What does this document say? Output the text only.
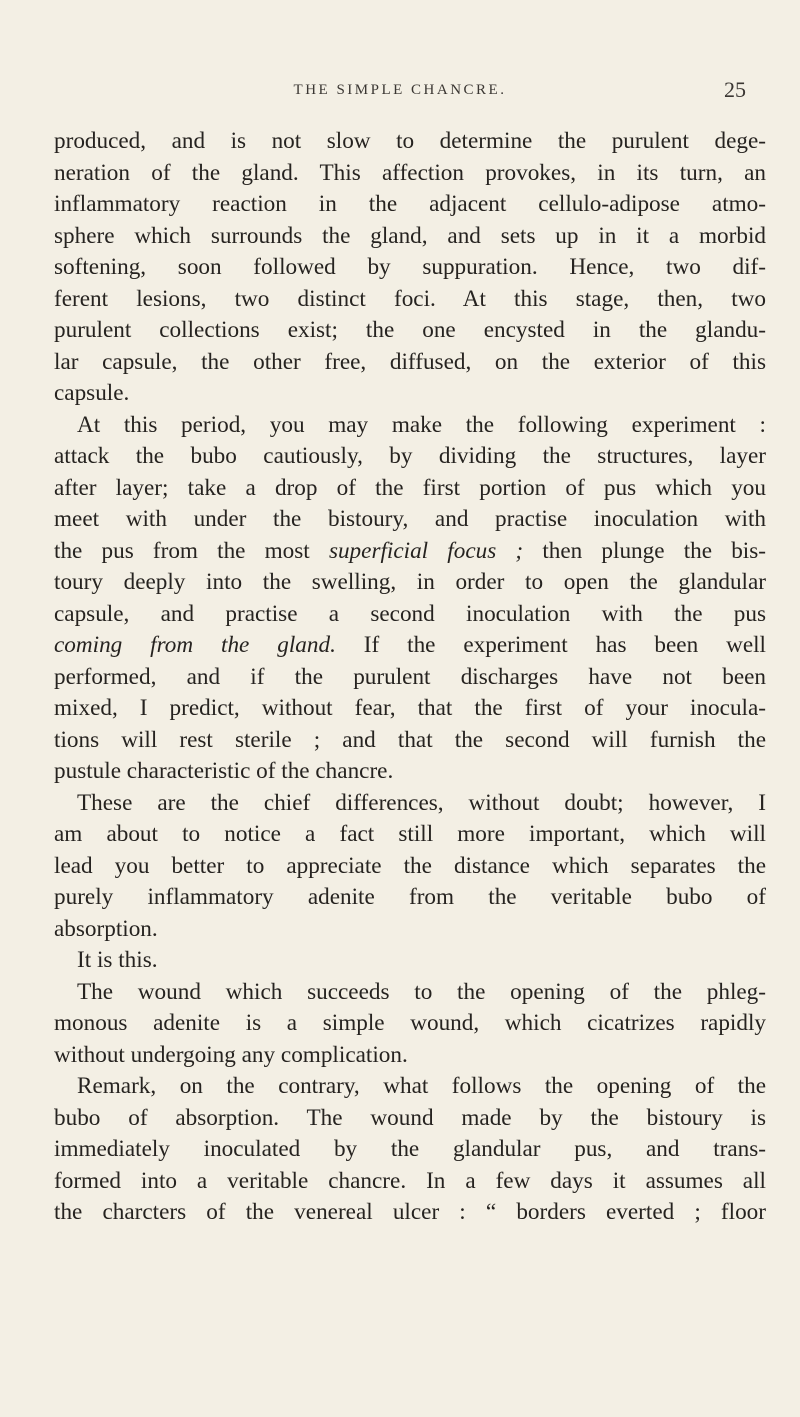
THE SIMPLE CHANCRE.	25
produced, and is not slow to determine the purulent dege-
neration of the gland. This affection provokes, in its turn, an
inflammatory reaction in the adjacent cellulo-adipose atmo-
sphere which surrounds the gland, and sets up in it a morbid
softening, soon followed by suppuration. Hence, two dif-
ferent lesions, two distinct foci. At this stage, then, two
purulent collections exist; the one encysted in the glandu-
lar capsule, the other free, diffused, on the exterior of this
capsule.
At this period, you may make the following experiment :
attack the bubo cautiously, by dividing the structures, layer
after layer; take a drop of the first portion of pus which you
meet with under the bistoury, and practise inoculation with
the pus from the most superficial focus ; then plunge the bis-
toury deeply into the swelling, in order to open the glandular
capsule, and practise a second inoculation with the pus
coming from the gland. If the experiment has been well
performed, and if the purulent discharges have not been
mixed, I predict, without fear, that the first of your inocula-
tions will rest sterile ; and that the second will furnish the
pustule characteristic of the chancre.
These are the chief differences, without doubt; however, I
am about to notice a fact still more important, which will
lead you better to appreciate the distance which separates the
purely inflammatory adenite from the veritable bubo of
absorption.
It is this.
The wound which succeeds to the opening of the phleg-
monous adenite is a simple wound, which cicatrizes rapidly
without undergoing any complication.
Remark, on the contrary, what follows the opening of the
bubo of absorption. The wound made by the bistoury is
immediately inoculated by the glandular pus, and trans-
formed into a veritable chancre. In a few days it assumes all
the charcters of the venereal ulcer : “ borders everted ; floor
